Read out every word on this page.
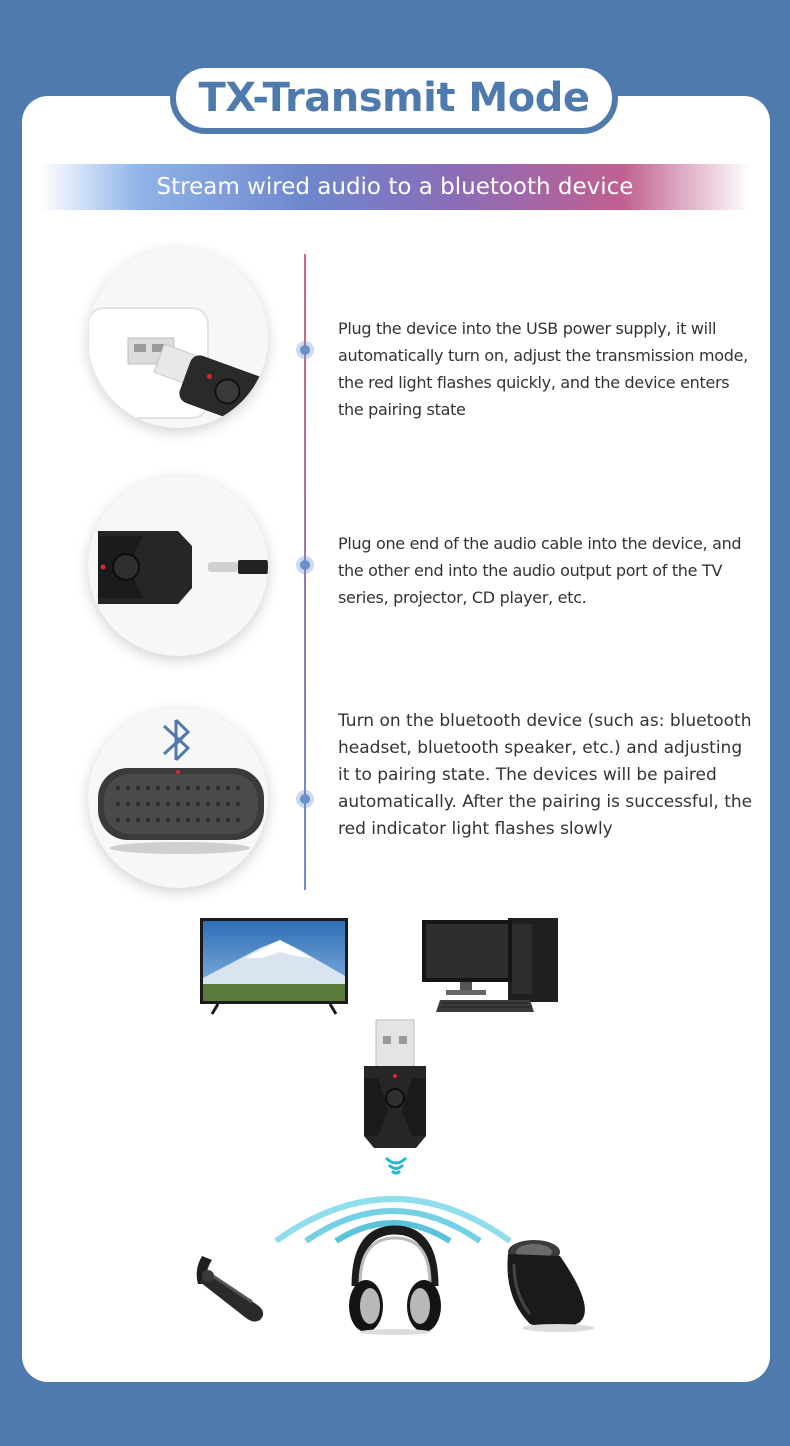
TX-Transmit Mode
Stream wired audio to a bluetooth device
Plug the device into the USB power supply, it will automatically turn on, adjust the transmission mode, the red light flashes quickly, and the device enters the pairing state
Plug one end of the audio cable into the device, and the other end into the audio output port of the TV series, projector, CD player, etc.
Turn on the bluetooth device (such as: bluetooth headset, bluetooth speaker, etc.) and adjusting it to pairing state. The devices will be paired automatically. After the pairing is successful, the red indicator light flashes slowly
